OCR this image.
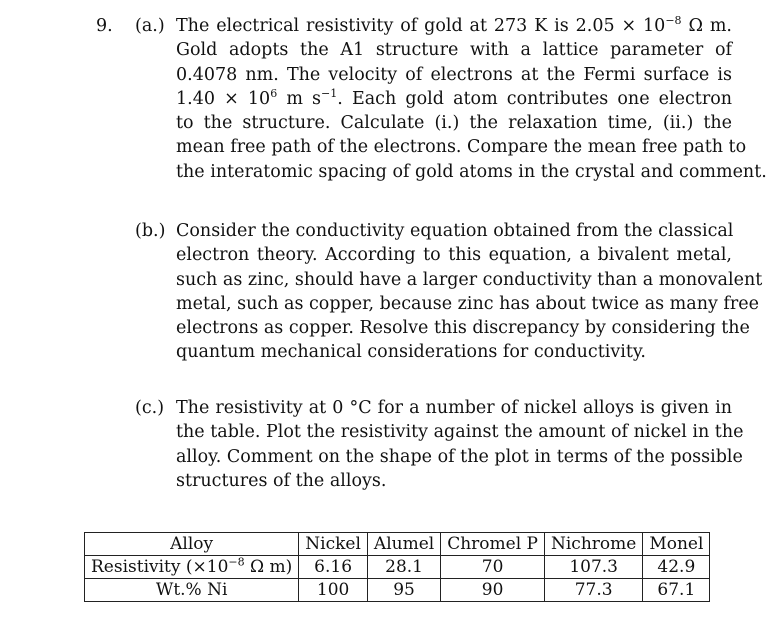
9. (a.) The electrical resistivity of gold at 273 K is $2.05 \times 10^{-8}$ Ω m.
Gold adopts the A1 structure with a lattice parameter of
0.4078 nm. The velocity of electrons at the Fermi surface is
$1.40 \times 10^6$ m $s^{-1}$. Each gold atom contributes one electron
to the structure. Calculate (i.) the relaxation time, (ii.) the
mean free path of the electrons. Compare the mean free path to
the interatomic spacing of gold atoms in the crystal and comment.
(b.) Consider the conductivity equation obtained from the classical
electron theory. According to this equation, a bivalent metal,
such as zinc, should have a larger conductivity than a monovalent
metal, such as copper, because zinc has about twice as many free
electrons as copper. Resolve this discrepancy by considering the
quantum mechanical considerations for conductivity.
(c.) The resistivity at 0 °C for a number of nickel alloys is given in
the table. Plot the resistivity against the amount of nickel in the
alloy. Comment on the shape of the plot in terms of the possible
structures of the alloys.
Alloy	Nickel	Alumel	Chromel P	Nichrome	Monel
Resistivity ($\times 10^{-8}$ Ω m)	6.16	28.1	70	107.3	42.9
Wt.% Ni	100	95	90	77.3	67.1
